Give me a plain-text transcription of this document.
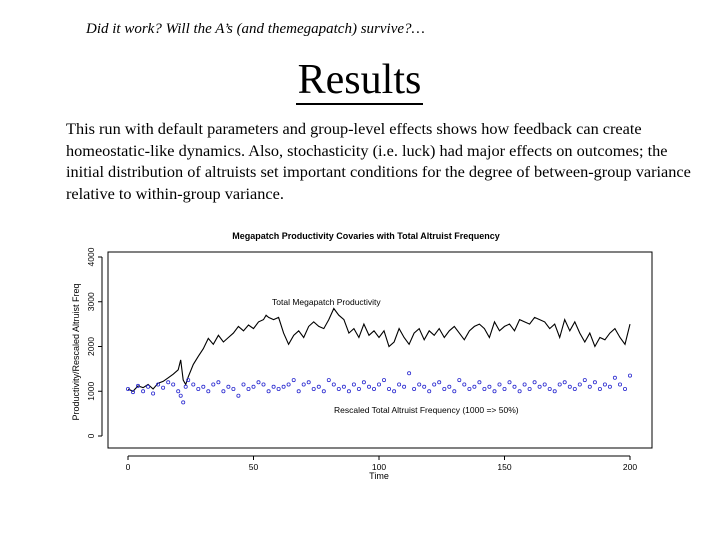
Did it work? Will the A’s (and themegapatch) survive?…
Results
This run with default parameters and group-level effects shows how feedback can create homeostatic-like dynamics. Also, stochasticity (i.e. luck) had major effects on outcomes; the initial distribution of altruists set important conditions for the degree of between-group variance relative to within-group variance.
0	50	100	150	200
0
1000
2000
3000
4000
Megapatch Productivity Covaries with Total Altruist Frequency
Time
Productivity/Rescaled Altruist Freq	Total Megapatch Productivity
Rescaled Total Altruist Frequency (1000 => 50%)
